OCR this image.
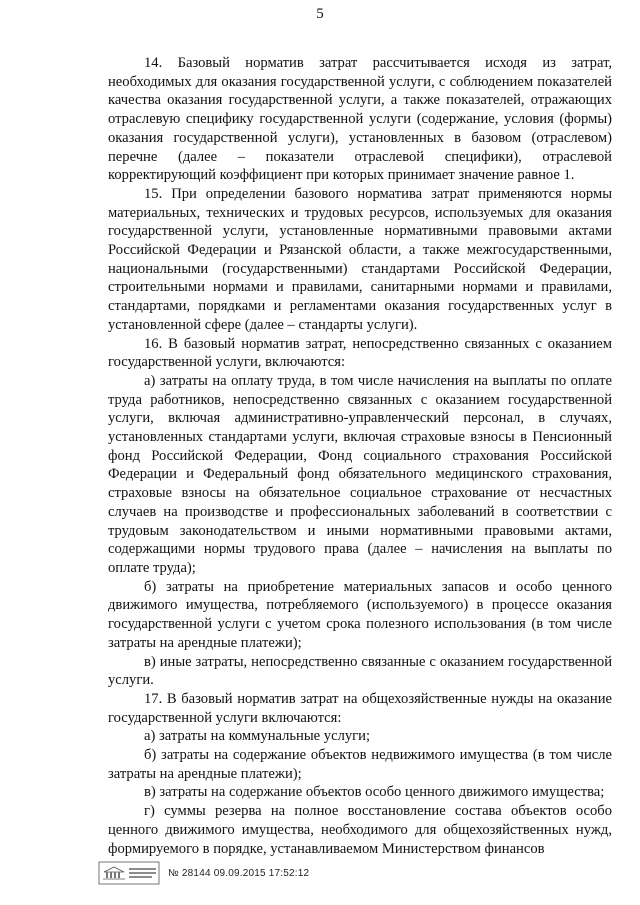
5

14. Базовый норматив затрат рассчитывается исходя из затрат, необходимых для оказания государственной услуги, с соблюдением показателей качества оказания государственной услуги, а также показателей, отражающих отраслевую специфику государственной услуги (содержание, условия (формы) оказания государственной услуги), установленных в базовом (отраслевом) перечне (далее – показатели отраслевой специфики), отраслевой корректирующий коэффициент при которых принимает значение равное 1.

15. При определении базового норматива затрат применяются нормы материальных, технических и трудовых ресурсов, используемых для оказания государственной услуги, установленные нормативными правовыми актами Российской Федерации и Рязанской области, а также межгосударственными, национальными (государственными) стандартами Российской Федерации, строительными нормами и правилами, санитарными нормами и правилами, стандартами, порядками и регламентами оказания государственных услуг в установленной сфере (далее – стандарты услуги).

16. В базовый норматив затрат, непосредственно связанных с оказанием государственной услуги, включаются:

а) затраты на оплату труда, в том числе начисления на выплаты по оплате труда работников, непосредственно связанных с оказанием государственной услуги, включая административно-управленческий персонал, в случаях, установленных стандартами услуги, включая страховые взносы в Пенсионный фонд Российской Федерации, Фонд социального страхования Российской Федерации и Федеральный фонд обязательного медицинского страхования, страховые взносы на обязательное социальное страхование от несчастных случаев на производстве и профессиональных заболеваний в соответствии с трудовым законодательством и иными нормативными правовыми актами, содержащими нормы трудового права (далее – начисления на выплаты по оплате труда);

б) затраты на приобретение материальных запасов и особо ценного движимого имущества, потребляемого (используемого) в процессе оказания государственной услуги с учетом срока полезного использования (в том числе затраты на арендные платежи);

в) иные затраты, непосредственно связанные с оказанием государственной услуги.

17. В базовый норматив затрат на общехозяйственные нужды на оказание государственной услуги включаются:

а) затраты на коммунальные услуги;

б) затраты на содержание объектов недвижимого имущества (в том числе затраты на арендные платежи);

в) затраты на содержание объектов особо ценного движимого имущества;

г) суммы резерва на полное восстановление состава объектов особо ценного движимого имущества, необходимого для общехозяйственных нужд, формируемого в порядке, устанавливаемом Министерством финансов

№ 28144 09.09.2015 17:52:12
